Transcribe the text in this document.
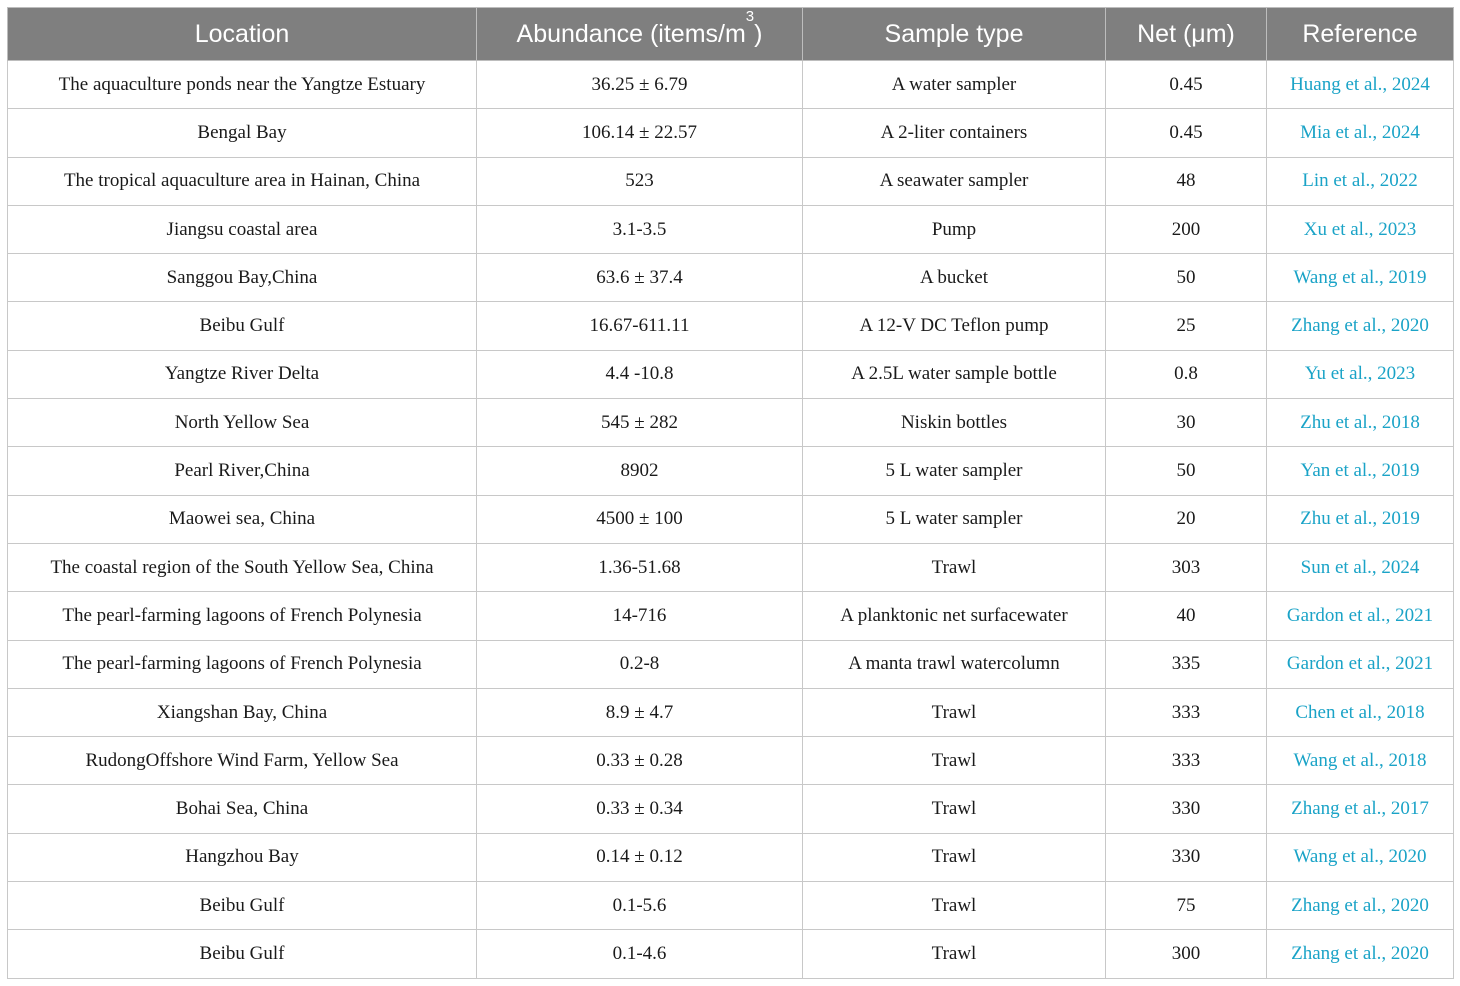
Location	Abundance $(items/m^3)$	Sample type	Net (μm)	Reference
The aquaculture ponds near the Yangtze Estuary	36.25 ± 6.79	A water sampler	0.45	Huang et al., 2024
Bengal Bay	106.14 ± 22.57	A 2-liter containers	0.45	Mia et al., 2024
The tropical aquaculture area in Hainan, China	523	A seawater sampler	48	Lin et al., 2022
Jiangsu coastal area	3.1-3.5	Pump	200	Xu et al., 2023
Sanggou Bay,China	63.6 ± 37.4	A bucket	50	Wang et al., 2019
Beibu Gulf	16.67-611.11	A 12-V DC Teflon pump	25	Zhang et al., 2020
Yangtze River Delta	4.4 -10.8	A 2.5L water sample bottle	0.8	Yu et al., 2023
North Yellow Sea	545 ± 282	Niskin bottles	30	Zhu et al., 2018
Pearl River,China	8902	5 L water sampler	50	Yan et al., 2019
Maowei sea, China	4500 ± 100	5 L water sampler	20	Zhu et al., 2019
The coastal region of the South Yellow Sea, China	1.36-51.68	Trawl	303	Sun et al., 2024
The pearl-farming lagoons of French Polynesia	14-716	A planktonic net surfacewater	40	Gardon et al., 2021
The pearl-farming lagoons of French Polynesia	0.2-8	A manta trawl watercolumn	335	Gardon et al., 2021
Xiangshan Bay, China	8.9 ± 4.7	Trawl	333	Chen et al., 2018
RudongOffshore Wind Farm, Yellow Sea	0.33 ± 0.28	Trawl	333	Wang et al., 2018
Bohai Sea, China	0.33 ± 0.34	Trawl	330	Zhang et al., 2017
Hangzhou Bay	0.14 ± 0.12	Trawl	330	Wang et al., 2020
Beibu Gulf	0.1-5.6	Trawl	75	Zhang et al., 2020
Beibu Gulf	0.1-4.6	Trawl	300	Zhang et al., 2020
